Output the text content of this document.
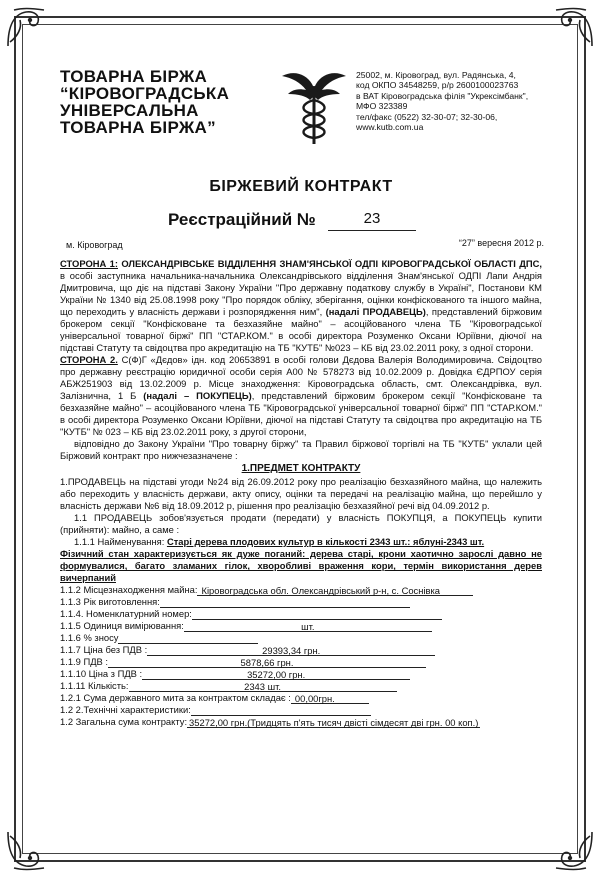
ТОВАРНА БІРЖА
“КІРОВОГРАДСЬКА
УНІВЕРСАЛЬНА
ТОВАРНА БІРЖА”
25002, м. Кіровоград, вул. Радянська, 4,
код ОКПО 34548259, р/р 2600100023763
в ВАТ Кіровоградська філія "Укрексімбанк",
МФО 323389
тел/факс (0522) 32-30-07; 32-30-06,
www.kutb.com.ua
БІРЖЕВИЙ КОНТРАКТ
Реєстраційний №	23
м. Кіровоград	“27” вересня 2012 р.

СТОРОНА 1: ОЛЕКСАНДРІВСЬКЕ ВІДДІЛЕННЯ ЗНАМ'ЯНСЬКОЇ ОДПІ КІРОВОГРАДСЬКОЇ ОБЛАСТІ ДПС, в особі заступника начальника-начальника Олександрівського відділення Знам'янської ОДПІ Лапи Андрія Дмитровича, що діє на підставі Закону України "Про державну податкову службу в Україні", Постанови КМ України № 1340 від 25.08.1998 року "Про порядок обліку, зберігання, оцінки конфіскованого та іншого майна, що переходить у власність держави і розпорядження ним", (надалі ПРОДАВЕЦЬ), представлений біржовим брокером секції "Конфісковане та безхазяйне майно" – асоційованого члена ТБ "Кіровоградської універсальної товарної біржі" ПП "СТАР.КОМ." в особі директора Розуменко Оксани Юріївни, діючої на підставі Статуту та свідоцтва про акредитацію на ТБ "КУТБ" №023 – КБ від 23.02.2011 року, з одної сторони.

СТОРОНА 2. С(Ф)Г «Дєдов» ідн. код 20653891 в особі голови Дєдова Валерія Володимировича. Свідоцтво про державну реєстрацію юридичної особи серія А00 № 578273 від 10.02.2009 р. Довідка ЄДРПОУ серія АБЖ251903 від 13.02.2009 р. Місце знаходження: Кіровоградська область, смт. Олександрівка, вул. Залізнична, 1 Б (надалі – ПОКУПЕЦЬ), представлений біржовим брокером секції "Конфісковане та безхазяйне майно" – асоційованого члена ТБ "Кіровоградської універсальної товарної біржі" ПП "СТАР.КОМ." в особі директора Розуменко Оксани Юріївни, діючої на підставі Статуту та свідоцтва про акредитацію на ТБ "КУТБ" № 023 – КБ від 23.02.2011 року, з другої сторони,

відповідно до Закону України "Про товарну біржу" та Правил біржової торгівлі на ТБ "КУТБ" уклали цей Біржовий контракт про нижчезазначене :

1.ПРЕДМЕТ КОНТРАКТУ

1.ПРОДАВЕЦЬ на підставі угоди №24 від 26.09.2012 року про реалізацію безхазяйного майна, що належить або переходить у власність держави, акту опису, оцінки та передачі на реалізацію майна, що перейшло у власність держави №6 від 18.09.2012 р, рішення про реалізацію безхазяйної речі від 04.09.2012 р.

1.1 ПРОДАВЕЦЬ зобов'язується продати (передати) у власність ПОКУПЦЯ, а ПОКУПЕЦЬ купити (прийняти): майно, а саме :

1.1.1 Найменування: Старі дерева плодових культур в кількості 2343 шт.: яблуні-2343 шт.

Фізичний стан характеризується як дуже поганий: дерева старі, крони хаотично зарослі давно не формувалися, багато зламаних гілок, хворобливі враження кори, термін використання дерев вичерпаний

1.1.2 Місцезнаходження майна: Кіровоградська обл. Олександрівський р-н, с. Соснівка
1.1.3 Рік виготовлення:
1.1.4. Номенклатурний номер:
1.1.5 Одиниця вимірювання:	шт.
1.1.6 % зносу
1.1.7 Ціна без ПДВ :	29393,34 грн.
1.1.9 ПДВ :	5878,66 грн.
1.1.10 Ціна з ПДВ :	35272,00 грн.
1.1.11 Кількість:	2343 шт.
1.2.1 Сума державного мита за контрактом складає : 00,00грн.
1.2 2.Технічні характеристики:
1.2 Загальна сума контракту: 35272,00 грн.(Тридцять п'ять тисяч двісті сімдесят дві грн. 00 коп.)
